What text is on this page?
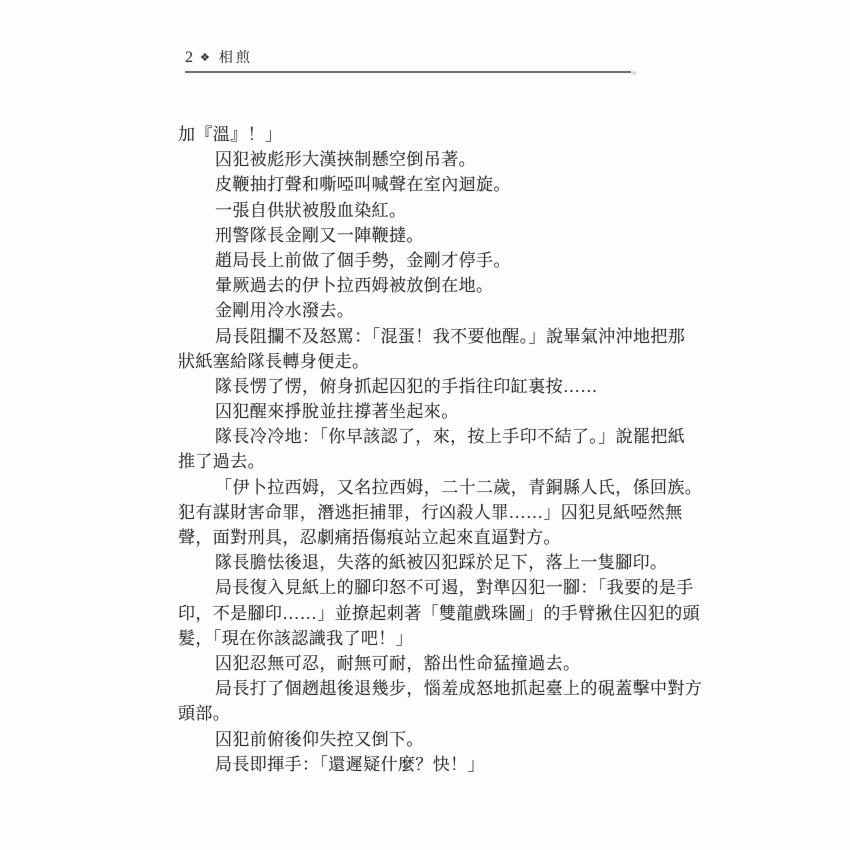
2 ❖ 相煎
加『溫』！」
囚犯被彪形大漢挾制懸空倒吊著。
皮鞭抽打聲和嘶啞叫喊聲在室內迴旋。
一張自供狀被殷血染紅。
刑警隊長金剛又一陣鞭撻。
趙局長上前做了個手勢，金剛才停手。
暈厥過去的伊卜拉西姆被放倒在地。
金剛用冷水潑去。
局長阻攔不及怒罵：「混蛋！我不要他醒。」說畢氣沖沖地把那
狀紙塞給隊長轉身便走。
隊長愣了愣，俯身抓起囚犯的手指往印缸裏按……
囚犯醒來掙脫並拄撐著坐起來。
隊長冷冷地：「你早該認了，來，按上手印不結了。」說罷把紙
推了過去。
「伊卜拉西姆，又名拉西姆，二十二歲，青銅縣人氏，係回族。
犯有謀財害命罪，潛逃拒捕罪，行凶殺人罪……」囚犯見紙啞然無
聲，面對刑具，忍劇痛捂傷痕站立起來直逼對方。
隊長膽怯後退，失落的紙被囚犯踩於足下，落上一隻腳印。
局長復入見紙上的腳印怒不可遏，對準囚犯一腳：「我要的是手
印，不是腳印……」並撩起刺著「雙龍戲珠圖」的手臂揪住囚犯的頭
髮，「現在你該認識我了吧！」
囚犯忍無可忍，耐無可耐，豁出性命猛撞過去。
局長打了個趔趄後退幾步，惱羞成怒地抓起臺上的硯蓋擊中對方
頭部。
囚犯前俯後仰失控又倒下。
局長即揮手：「還遲疑什麼？快！」
